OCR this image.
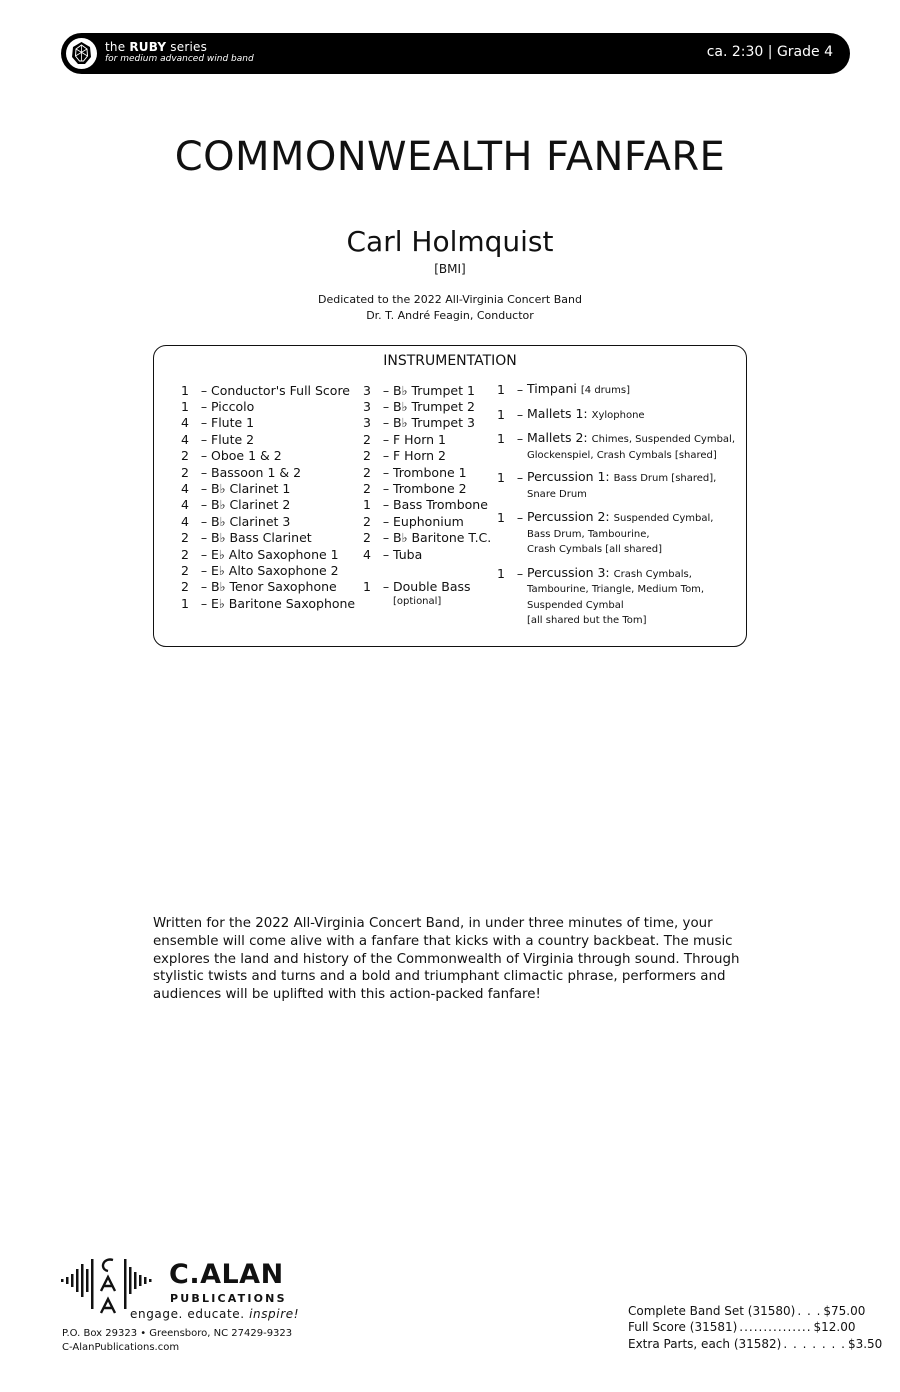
the RUBY series
for medium advanced wind band	ca. 2:30 | Grade 4
COMMONWEALTH FANFARE
Carl Holmquist
[BMI]
Dedicated to the 2022 All-Virginia Concert Band
Dr. T. André Feagin, Conductor
INSTRUMENTATION
1 – Conductor's Full Score
1 – Piccolo
4 – Flute 1
4 – Flute 2
2 – Oboe 1 & 2
2 – Bassoon 1 & 2
4 – B♭ Clarinet 1
4 – B♭ Clarinet 2
4 – B♭ Clarinet 3
2 – B♭ Bass Clarinet
2 – E♭ Alto Saxophone 1
2 – E♭ Alto Saxophone 2
2 – B♭ Tenor Saxophone
1 – E♭ Baritone Saxophone
3 – B♭ Trumpet 1
3 – B♭ Trumpet 2
3 – B♭ Trumpet 3
2 – F Horn 1
2 – F Horn 2
2 – Trombone 1
2 – Trombone 2
1 – Bass Trombone
2 – Euphonium
2 – B♭ Baritone T.C.
4 – Tuba
1 – Double Bass
[optional]
1 – Timpani [4 drums]
1 – Mallets 1: Xylophone
1 – Mallets 2: Chimes, Suspended Cymbal,
Glockenspiel, Crash Cymbals [shared]
1 – Percussion 1: Bass Drum [shared],
Snare Drum
1 – Percussion 2: Suspended Cymbal,
Bass Drum, Tambourine,
Crash Cymbals [all shared]
1 – Percussion 3: Crash Cymbals,
Tambourine, Triangle, Medium Tom,
Suspended Cymbal
[all shared but the Tom]
Written for the 2022 All-Virginia Concert Band, in under three minutes of time, your ensemble will come alive with a fanfare that kicks with a country backbeat. The music explores the land and history of the Commonwealth of Virginia through sound. Through stylistic twists and turns and a bold and triumphant climactic phrase, performers and audiences will be uplifted with this action-packed fanfare!
C.ALAN
PUBLICATIONS
engage. educate. inspire!
P.O. Box 29323 • Greensboro, NC 27429-9323
C-AlanPublications.com
Complete Band Set (31580) . . . $75.00
Full Score (31581) ............... $12.00
Extra Parts, each (31582) . . . . . . . $3.50
